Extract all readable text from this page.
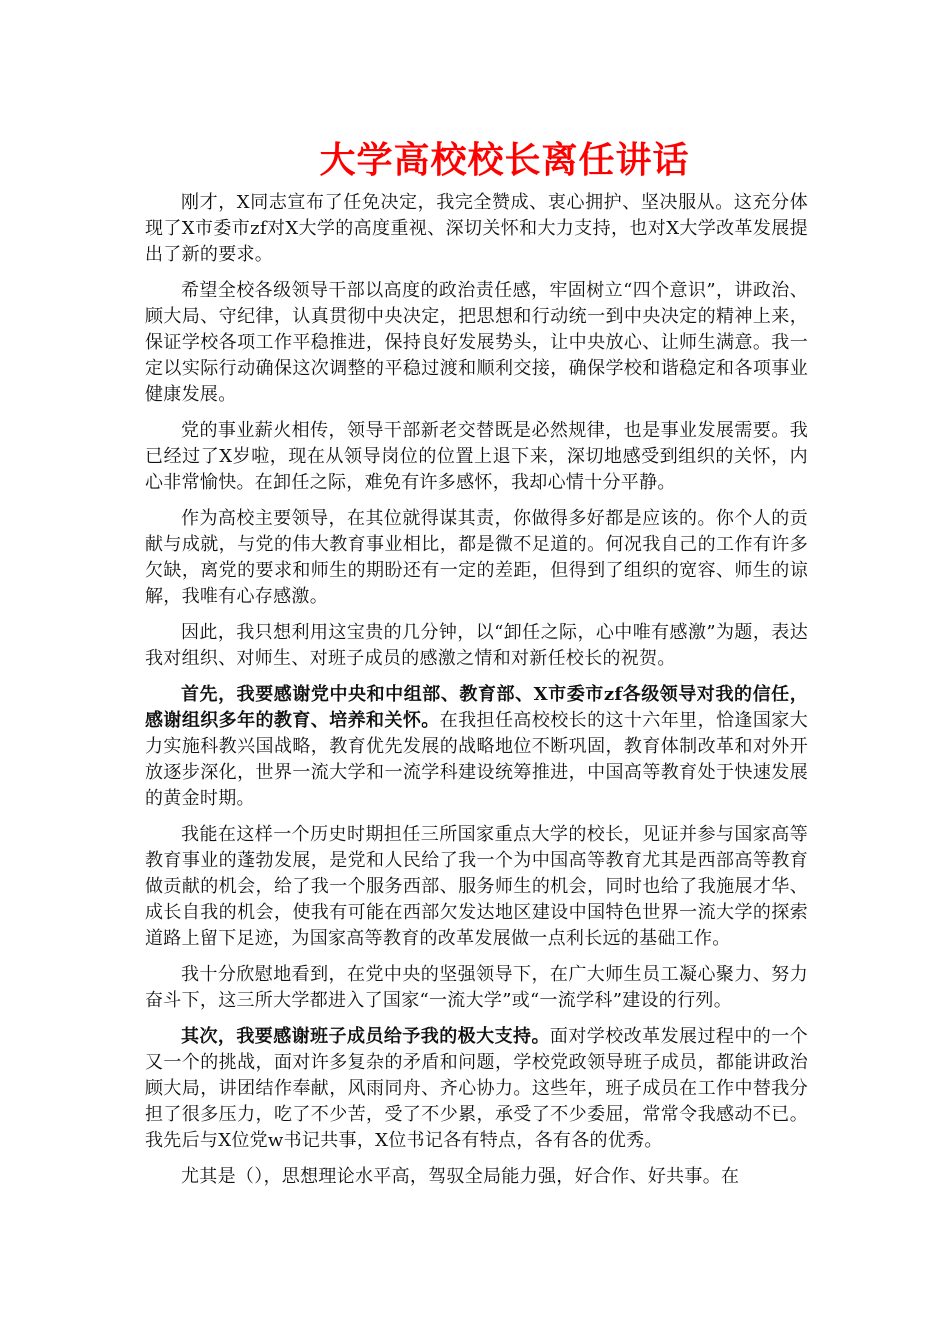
大学高校校长离任讲话

刚才，X同志宣布了任免决定，我完全赞成、衷心拥护、坚决服从。这充分体现了X市委市zf对X大学的高度重视、深切关怀和大力支持，也对X大学改革发展提出了新的要求。

希望全校各级领导干部以高度的政治责任感，牢固树立“四个意识”，讲政治、顾大局、守纪律，认真贯彻中央决定，把思想和行动统一到中央决定的精神上来，保证学校各项工作平稳推进，保持良好发展势头，让中央放心、让师生满意。我一定以实际行动确保这次调整的平稳过渡和顺利交接，确保学校和谐稳定和各项事业健康发展。

党的事业薪火相传，领导干部新老交替既是必然规律，也是事业发展需要。我已经过了X岁啦，现在从领导岗位的位置上退下来，深切地感受到组织的关怀，内心非常愉快。在卸任之际，难免有许多感怀，我却心情十分平静。

作为高校主要领导，在其位就得谋其责，你做得多好都是应该的。你个人的贡献与成就，与党的伟大教育事业相比，都是微不足道的。何况我自己的工作有许多欠缺，离党的要求和师生的期盼还有一定的差距，但得到了组织的宽容、师生的谅解，我唯有心存感激。

因此，我只想利用这宝贵的几分钟，以“卸任之际，心中唯有感激”为题，表达我对组织、对师生、对班子成员的感激之情和对新任校长的祝贺。

首先，我要感谢党中央和中组部、教育部、X市委市zf各级领导对我的信任，感谢组织多年的教育、培养和关怀。在我担任高校校长的这十六年里，恰逢国家大力实施科教兴国战略，教育优先发展的战略地位不断巩固，教育体制改革和对外开放逐步深化，世界一流大学和一流学科建设统筹推进，中国高等教育处于快速发展的黄金时期。

我能在这样一个历史时期担任三所国家重点大学的校长，见证并参与国家高等教育事业的蓬勃发展，是党和人民给了我一个为中国高等教育尤其是西部高等教育做贡献的机会，给了我一个服务西部、服务师生的机会，同时也给了我施展才华、成长自我的机会，使我有可能在西部欠发达地区建设中国特色世界一流大学的探索道路上留下足迹，为国家高等教育的改革发展做一点利长远的基础工作。

我十分欣慰地看到，在党中央的坚强领导下，在广大师生员工凝心聚力、努力奋斗下，这三所大学都进入了国家“一流大学”或“一流学科”建设的行列。

其次，我要感谢班子成员给予我的极大支持。面对学校改革发展过程中的一个又一个的挑战，面对许多复杂的矛盾和问题，学校党政领导班子成员，都能讲政治顾大局，讲团结作奉献，风雨同舟、齐心协力。这些年，班子成员在工作中替我分担了很多压力，吃了不少苦，受了不少累，承受了不少委屈，常常令我感动不已。我先后与X位党w书记共事，X位书记各有特点，各有各的优秀。

尤其是（），思想理论水平高，驾驭全局能力强，好合作、好共事。在
